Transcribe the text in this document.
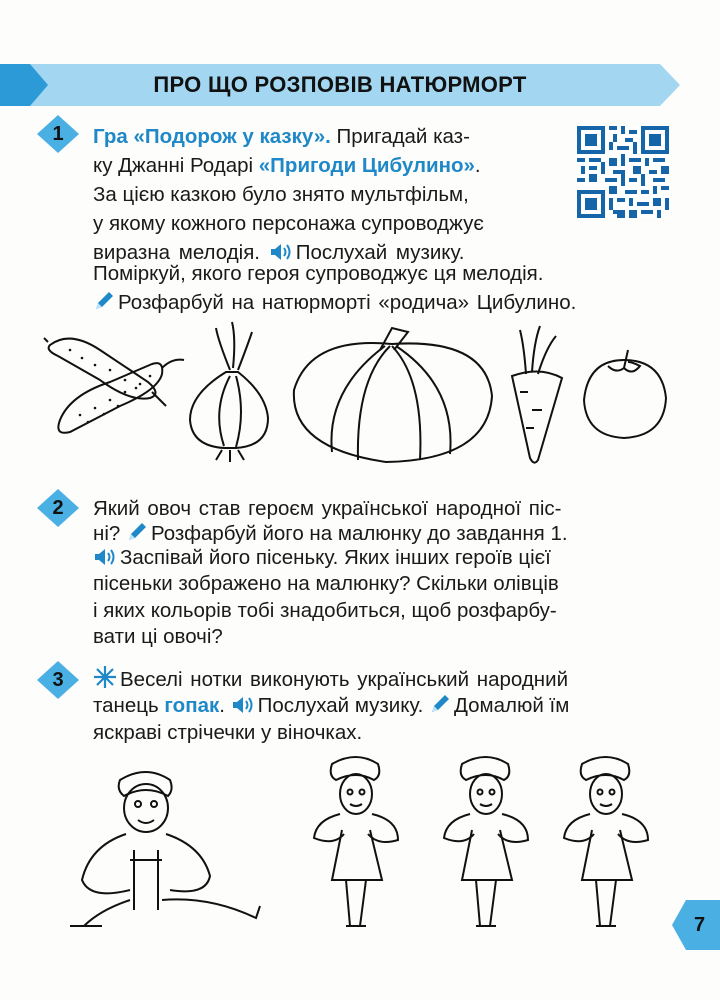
ПРО ЩО РОЗПОВІВ НАТЮРМОРТ
1	Гра «Подорож у казку». Пригадай каз-
ку Джанні Родарі «Пригоди Цибулино».
За цією казкою було знято мультфільм,
у якому кожного персонажа супроводжує
виразна мелодія. Послухай музику.
Поміркуй, якого героя супроводжує ця мелодія.
Розфарбуй на натюрморті «родича» Цибулино.
2	Який овоч став героєм української народної піс-
ні? Розфарбуй його на малюнку до завдання 1.
Заспівай його пісеньку. Яких інших героїв цієї
пісеньки зображено на малюнку? Скільки олівців
і яких кольорів тобі знадобиться, щоб розфарбу-
вати ці овочі?
3	Веселі нотки виконують український народний
танець гопак. Послухай музику. Домалюй їм
яскраві стрічечки у віночках.
7
